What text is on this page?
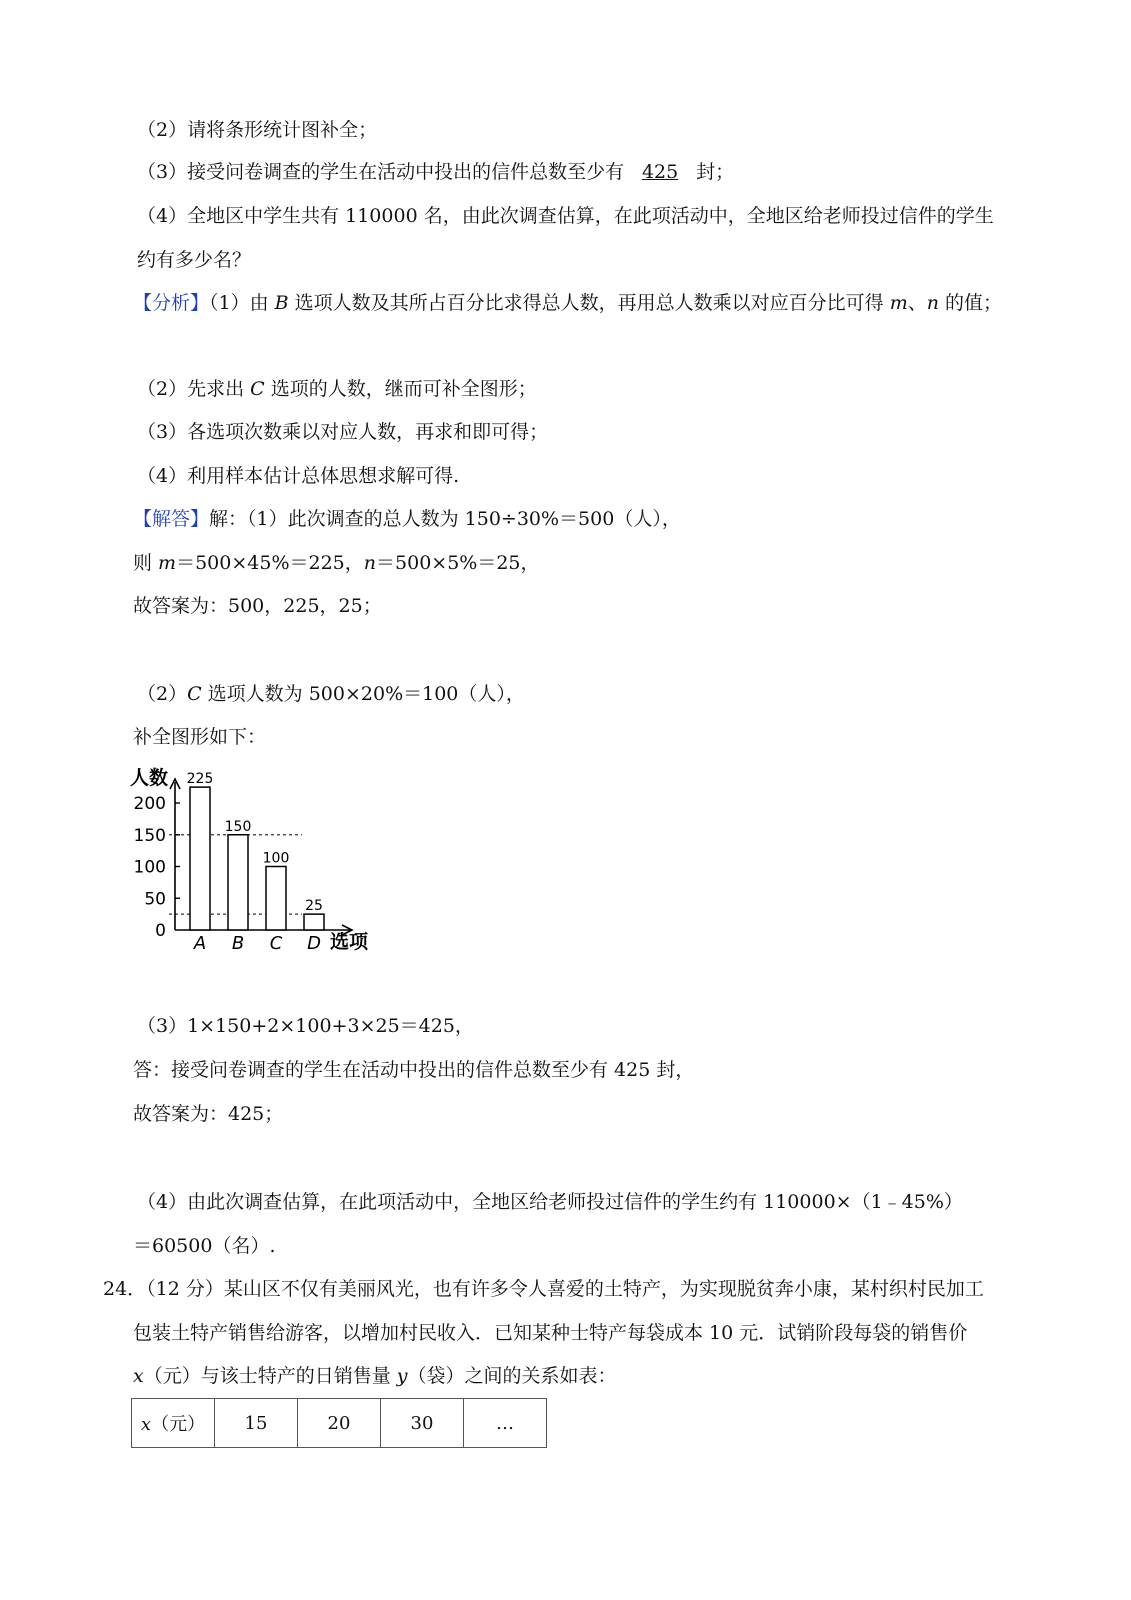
（2）请将条形统计图补全；
（3）接受问卷调查的学生在活动中投出的信件总数至少有 425 封；
（4）全地区中学生共有 110000 名，由此次调查估算，在此项活动中，全地区给老师投过信件的学生
约有多少名？
【分析】（1）由 B 选项人数及其所占百分比求得总人数，再用总人数乘以对应百分比可得 m、n 的值；
（2）先求出 C 选项的人数，继而可补全图形；
（3）各选项次数乘以对应人数，再求和即可得；
（4）利用样本估计总体思想求解可得.
【解答】解：（1）此次调查的总人数为 150÷30%＝500（人），
则 m＝500×45%＝225，n＝500×5%＝25，
故答案为：500，225，25；
（2）C 选项人数为 500×20%＝100（人），
补全图形如下：
0
50
100
150
200
人数
选项
225
A
150
B
100
C
25
D
（3）1×150+2×100+3×25＝425，
答：接受问卷调查的学生在活动中投出的信件总数至少有 425 封，
故答案为：425；
（4）由此次调查估算，在此项活动中，全地区给老师投过信件的学生约有 110000×（1﹣45%）
＝60500（名）.
24．（12 分）某山区不仅有美丽风光，也有许多令人喜爱的土特产，为实现脱贫奔小康，某村织村民加工
包装土特产销售给游客，以增加村民收入．已知某种士特产每袋成本 10 元．试销阶段每袋的销售价
x（元）与该士特产的日销售量 y（袋）之间的关系如表：
x（元）	15	20	30	…
